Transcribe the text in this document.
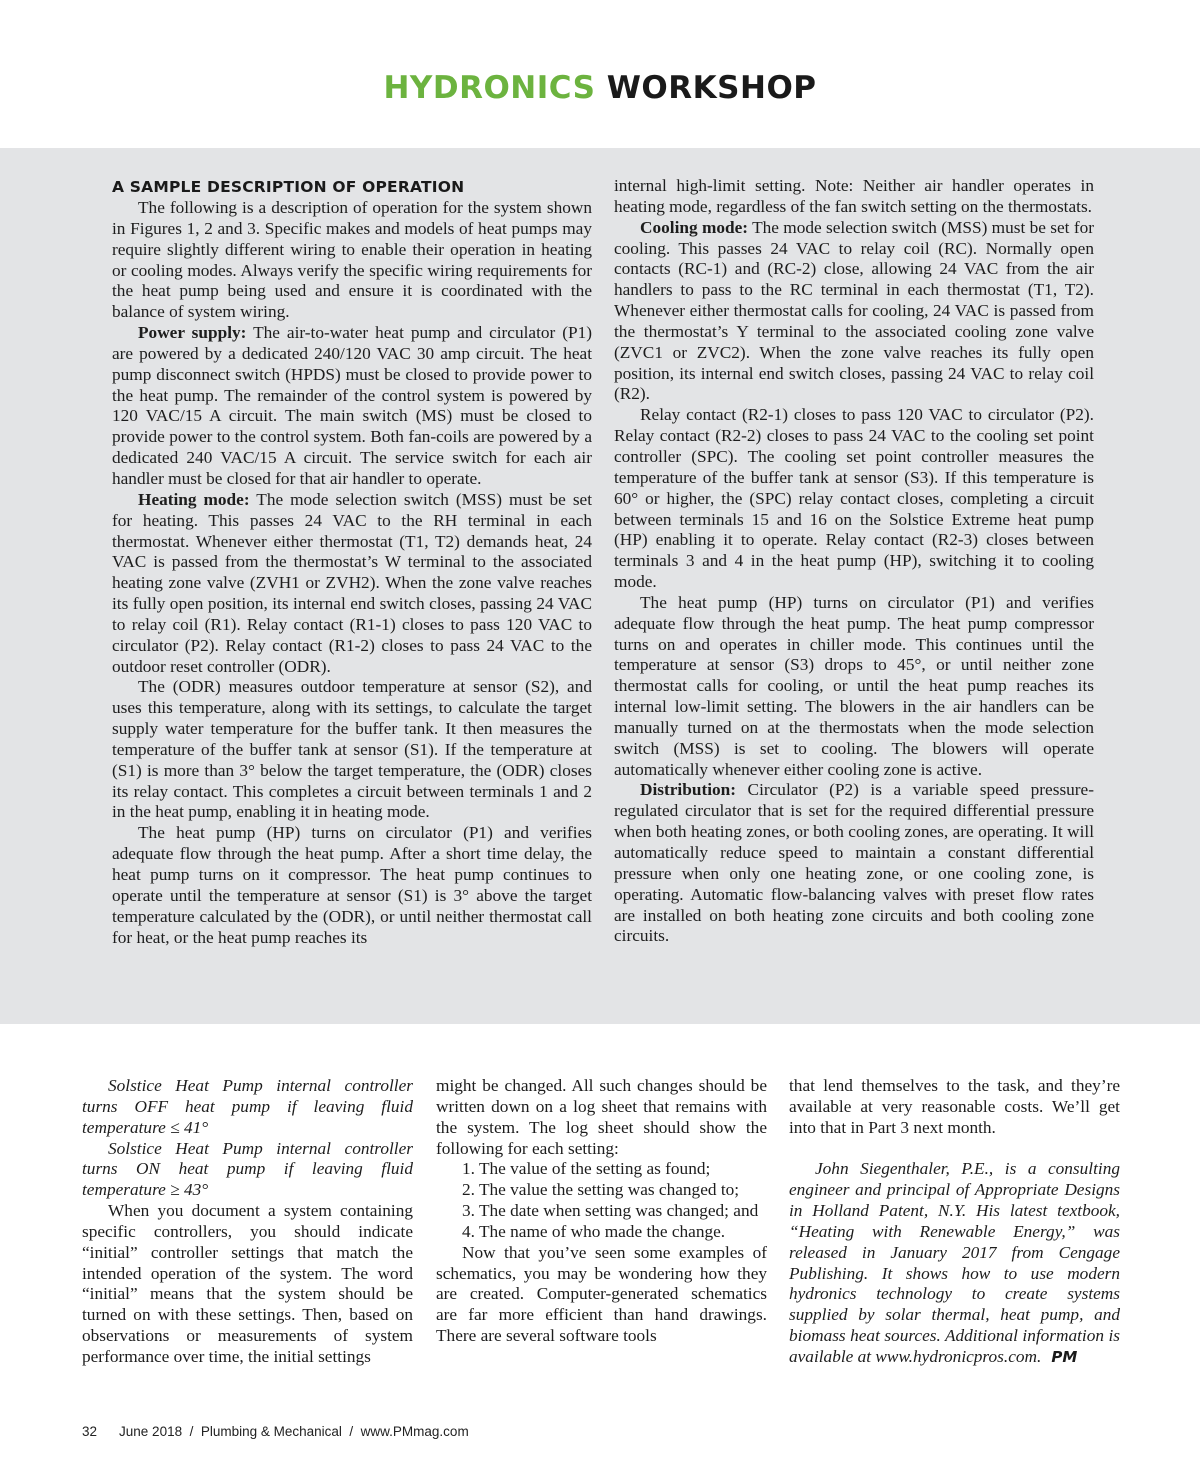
HYDRONICS WORKSHOP
A SAMPLE DESCRIPTION OF OPERATION

The following is a description of operation for the system shown in Figures 1, 2 and 3. Specific makes and models of heat pumps may require slightly different wiring to enable their operation in heating or cooling modes. Always verify the specific wiring requirements for the heat pump being used and ensure it is coordinated with the balance of system wiring.

Power supply: The air-to-water heat pump and circulator (P1) are powered by a dedicated 240/120 VAC 30 amp circuit. The heat pump disconnect switch (HPDS) must be closed to provide power to the heat pump. The remainder of the control system is powered by 120 VAC/15 A circuit. The main switch (MS) must be closed to provide power to the control system. Both fan-coils are powered by a dedicated 240 VAC/15 A circuit. The service switch for each air handler must be closed for that air handler to operate.

Heating mode: The mode selection switch (MSS) must be set for heating. This passes 24 VAC to the RH terminal in each thermostat. Whenever either thermostat (T1, T2) demands heat, 24 VAC is passed from the thermostat’s W terminal to the associated heating zone valve (ZVH1 or ZVH2). When the zone valve reaches its fully open position, its internal end switch closes, passing 24 VAC to relay coil (R1). Relay contact (R1-1) closes to pass 120 VAC to circulator (P2). Relay contact (R1-2) closes to pass 24 VAC to the outdoor reset controller (ODR).

The (ODR) measures outdoor temperature at sensor (S2), and uses this temperature, along with its settings, to calculate the target supply water temperature for the buffer tank. It then measures the temperature of the buffer tank at sensor (S1). If the temperature at (S1) is more than 3° below the target temperature, the (ODR) closes its relay contact. This completes a circuit between terminals 1 and 2 in the heat pump, enabling it in heating mode.

The heat pump (HP) turns on circulator (P1) and verifies adequate flow through the heat pump. After a short time delay, the heat pump turns on it compressor. The heat pump continues to operate until the temperature at sensor (S1) is 3° above the target temperature calculated by the (ODR), or until neither thermostat call for heat, or the heat pump reaches its

internal high-limit setting. Note: Neither air handler operates in heating mode, regardless of the fan switch setting on the thermostats.

Cooling mode: The mode selection switch (MSS) must be set for cooling. This passes 24 VAC to relay coil (RC). Normally open contacts (RC-1) and (RC-2) close, allowing 24 VAC from the air handlers to pass to the RC terminal in each thermostat (T1, T2). Whenever either thermostat calls for cooling, 24 VAC is passed from the thermostat’s Y terminal to the associated cooling zone valve (ZVC1 or ZVC2). When the zone valve reaches its fully open position, its internal end switch closes, passing 24 VAC to relay coil (R2).

Relay contact (R2-1) closes to pass 120 VAC to circulator (P2). Relay contact (R2-2) closes to pass 24 VAC to the cooling set point controller (SPC). The cooling set point controller measures the temperature of the buffer tank at sensor (S3). If this temperature is 60° or higher, the (SPC) relay contact closes, completing a circuit between terminals 15 and 16 on the Solstice Extreme heat pump (HP) enabling it to operate. Relay contact (R2-3) closes between terminals 3 and 4 in the heat pump (HP), switching it to cooling mode.

The heat pump (HP) turns on circulator (P1) and verifies adequate flow through the heat pump. The heat pump compressor turns on and operates in chiller mode. This continues until the temperature at sensor (S3) drops to 45°, or until neither zone thermostat calls for cooling, or until the heat pump reaches its internal low-limit setting. The blowers in the air handlers can be manually turned on at the thermostats when the mode selection switch (MSS) is set to cooling. The blowers will operate automatically whenever either cooling zone is active.

Distribution: Circulator (P2) is a variable speed pressure-regulated circulator that is set for the required differential pressure when both heating zones, or both cooling zones, are operating. It will automatically reduce speed to maintain a constant differential pressure when only one heating zone, or one cooling zone, is operating. Automatic flow-balancing valves with preset flow rates are installed on both heating zone circuits and both cooling zone circuits.

Solstice Heat Pump internal controller turns OFF heat pump if leaving fluid temperature ≤ 41°

Solstice Heat Pump internal controller turns ON heat pump if leaving fluid temperature ≥ 43°

When you document a system containing specific controllers, you should indicate “initial” controller settings that match the intended operation of the system. The word “initial” means that the system should be turned on with these settings. Then, based on observations or measurements of system performance over time, the initial settings

might be changed. All such changes should be written down on a log sheet that remains with the system. The log sheet should show the following for each setting:

1. The value of the setting as found;

2. The value the setting was changed to;

3. The date when setting was changed; and

4. The name of who made the change.

Now that you’ve seen some examples of schematics, you may be wondering how they are created. Computer-generated schematics are far more efficient than hand drawings. There are several software tools

that lend themselves to the task, and they’re available at very reasonable costs. We’ll get into that in Part 3 next month.

John Siegenthaler, P.E., is a consulting engineer and principal of Appropriate Designs in Holland Patent, N.Y. His latest textbook, “Heating with Renewable Energy,” was released in January 2017 from Cengage Publishing. It shows how to use modern hydronics technology to create systems supplied by solar thermal, heat pump, and biomass heat sources. Additional information is available at www.hydronicpros.com. PM

32 June 2018  /  Plumbing & Mechanical  /  www.PMmag.com
